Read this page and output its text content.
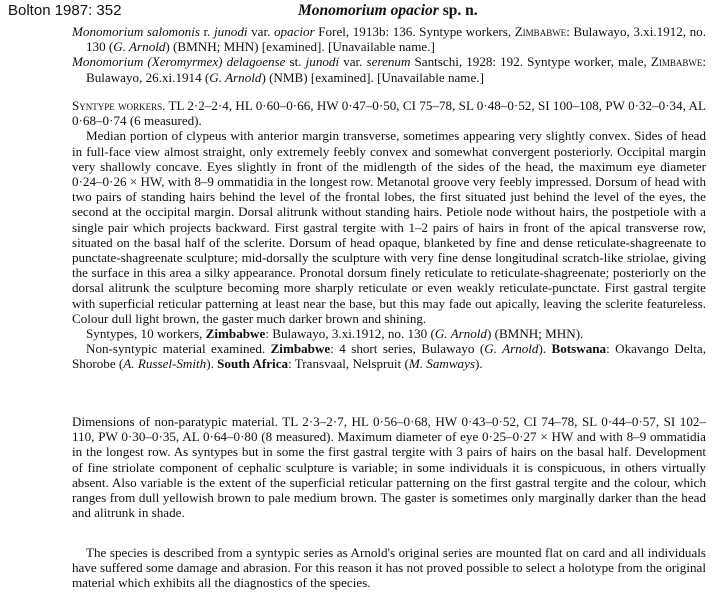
Bolton 1987: 352	Monomorium opacior sp. n.

Monomorium salomonis r. junodi var. opacior Forel, 1913b: 136. Syntype workers, Zimbabwe: Bulawayo, 3.xi.1912, no. 130 (G. Arnold) (BMNH; MHN) [examined]. [Unavailable name.]

Monomorium (Xeromyrmex) delagoense st. junodi var. serenum Santschi, 1928: 192. Syntype worker, male, Zimbabwe: Bulawayo, 26.xi.1914 (G. Arnold) (NMB) [examined]. [Unavailable name.]

Syntype workers. TL 2·2–2·4, HL 0·60–0·66, HW 0·47–0·50, CI 75–78, SL 0·48–0·52, SI 100–108, PW 0·32–0·34, AL 0·68–0·74 (6 measured).

Median portion of clypeus with anterior margin transverse, sometimes appearing very slightly convex. Sides of head in full-face view almost straight, only extremely feebly convex and somewhat convergent posteriorly. Occipital margin very shallowly concave. Eyes slightly in front of the midlength of the sides of the head, the maximum eye diameter 0·24–0·26 × HW, with 8–9 ommatidia in the longest row. Metanotal groove very feebly impressed. Dorsum of head with two pairs of standing hairs behind the level of the frontal lobes, the first situated just behind the level of the eyes, the second at the occipital margin. Dorsal alitrunk without standing hairs. Petiole node without hairs, the postpetiole with a single pair which projects backward. First gastral tergite with 1–2 pairs of hairs in front of the apical transverse row, situated on the basal half of the sclerite. Dorsum of head opaque, blanketed by fine and dense reticulate-shagreenate to punctate-shagreenate sculpture; mid-dorsally the sculpture with very fine dense longitudinal scratch-like striolae, giving the surface in this area a silky appearance. Pronotal dorsum finely reticulate to reticulate-shagreenate; posteriorly on the dorsal alitrunk the sculpture becoming more sharply reticulate or even weakly reticulate-punctate. First gastral tergite with superficial reticular patterning at least near the base, but this may fade out apically, leaving the sclerite featureless. Colour dull light brown, the gaster much darker brown and shining.

Syntypes, 10 workers, Zimbabwe: Bulawayo, 3.xi.1912, no. 130 (G. Arnold) (BMNH; MHN).

Non-syntypic material examined. Zimbabwe: 4 short series, Bulawayo (G. Arnold). Botswana: Okavango Delta, Shorobe (A. Russel-Smith). South Africa: Transvaal, Nelspruit (M. Samways).

Dimensions of non-paratypic material. TL 2·3–2·7, HL 0·56–0·68, HW 0·43–0·52, CI 74–78, SL 0·44–0·57, SI 102–110, PW 0·30–0·35, AL 0·64–0·80 (8 measured). Maximum diameter of eye 0·25–0·27 × HW and with 8–9 ommatidia in the longest row. As syntypes but in some the first gastral tergite with 3 pairs of hairs on the basal half. Development of fine striolate component of cephalic sculpture is variable; in some individuals it is conspicuous, in others virtually absent. Also variable is the extent of the superficial reticular patterning on the first gastral tergite and the colour, which ranges from dull yellowish brown to pale medium brown. The gaster is sometimes only marginally darker than the head and alitrunk in shade.

The species is described from a syntypic series as Arnold's original series are mounted flat on card and all individuals have suffered some damage and abrasion. For this reason it has not proved possible to select a holotype from the original material which exhibits all the diagnostics of the species.
